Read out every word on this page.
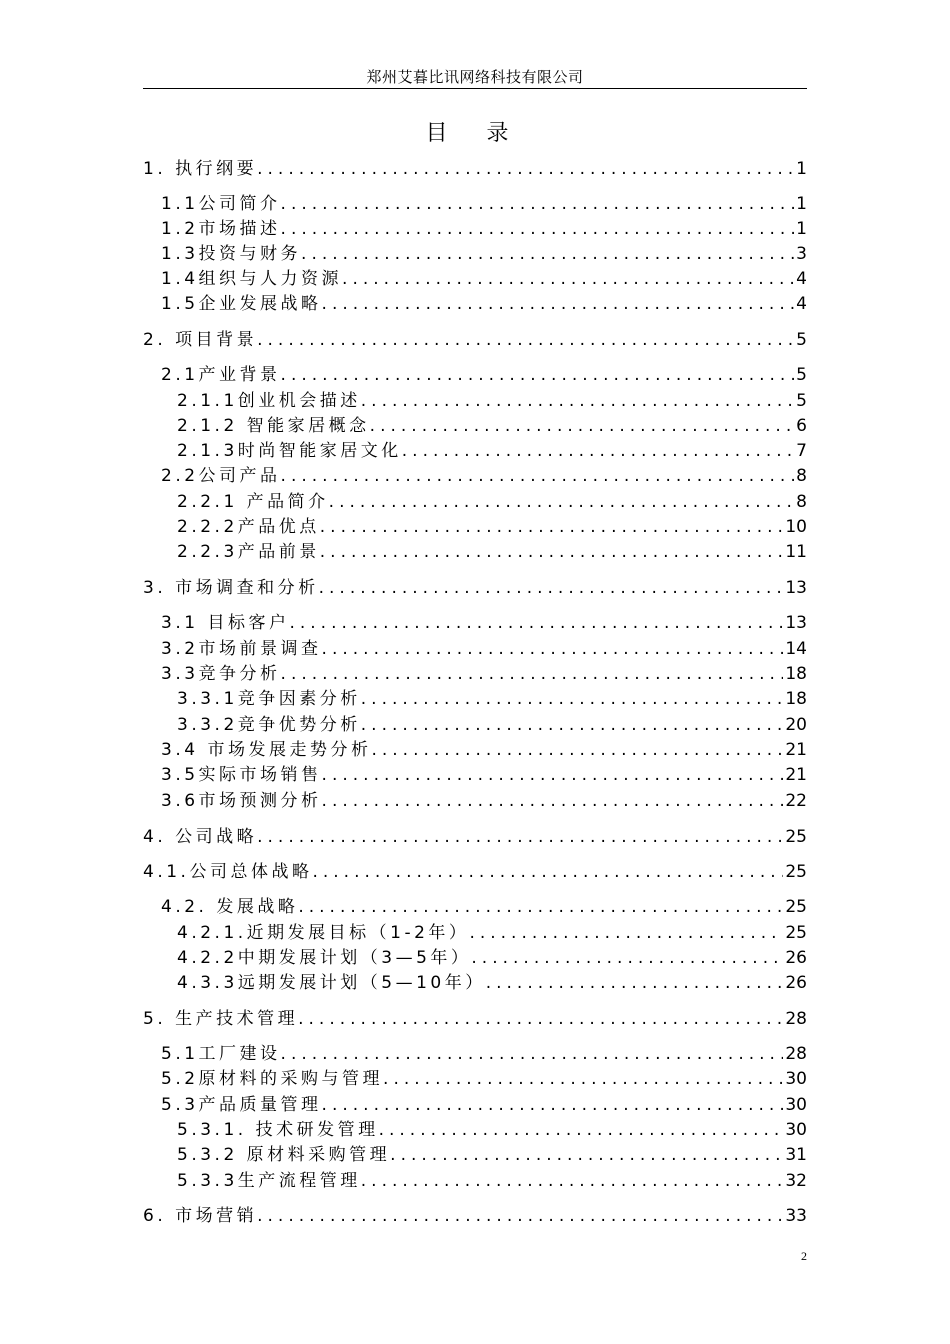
郑州艾暮比讯网络科技有限公司
目 录
1. 执行纲要 .....	1
1.1公司简介 .....	1
1.2市场描述 .....	1
1.3投资与财务 .....	3
1.4组织与人力资源 .....	4
1.5企业发展战略 .....	4
2. 项目背景 .....	5
2.1产业背景 .....	5
2.1.1创业机会描述 .....	5
2.1.2 智能家居概念 .....	6
2.1.3时尚智能家居文化 .....	7
2.2公司产品 .....	8
2.2.1 产品简介 .....	8
2.2.2产品优点 .....	10
2.2.3产品前景 .....	11
3. 市场调查和分析 .....	13
3.1 目标客户 .....	13
3.2市场前景调查 .....	14
3.3竞争分析 .....	18
3.3.1竞争因素分析 .....	18
3.3.2竞争优势分析 .....	20
3.4 市场发展走势分析 .....	21
3.5实际市场销售 .....	21
3.6市场预测分析 .....	22
4. 公司战略 .....	25
4.1.公司总体战略 .....	25
4.2. 发展战略 .....	25
4.2.1.近期发展目标（1-2年） .....	25
4.2.2中期发展计划（3—5年） .....	26
4.3.3远期发展计划（5—10年） .....	26
5. 生产技术管理 .....	28
5.1工厂建设 .....	28
5.2原材料的采购与管理 .....	30
5.3产品质量管理 .....	30
5.3.1. 技术研发管理 .....	30
5.3.2 原材料采购管理 .....	31
5.3.3生产流程管理 .....	32
6. 市场营销 .....	33
2
